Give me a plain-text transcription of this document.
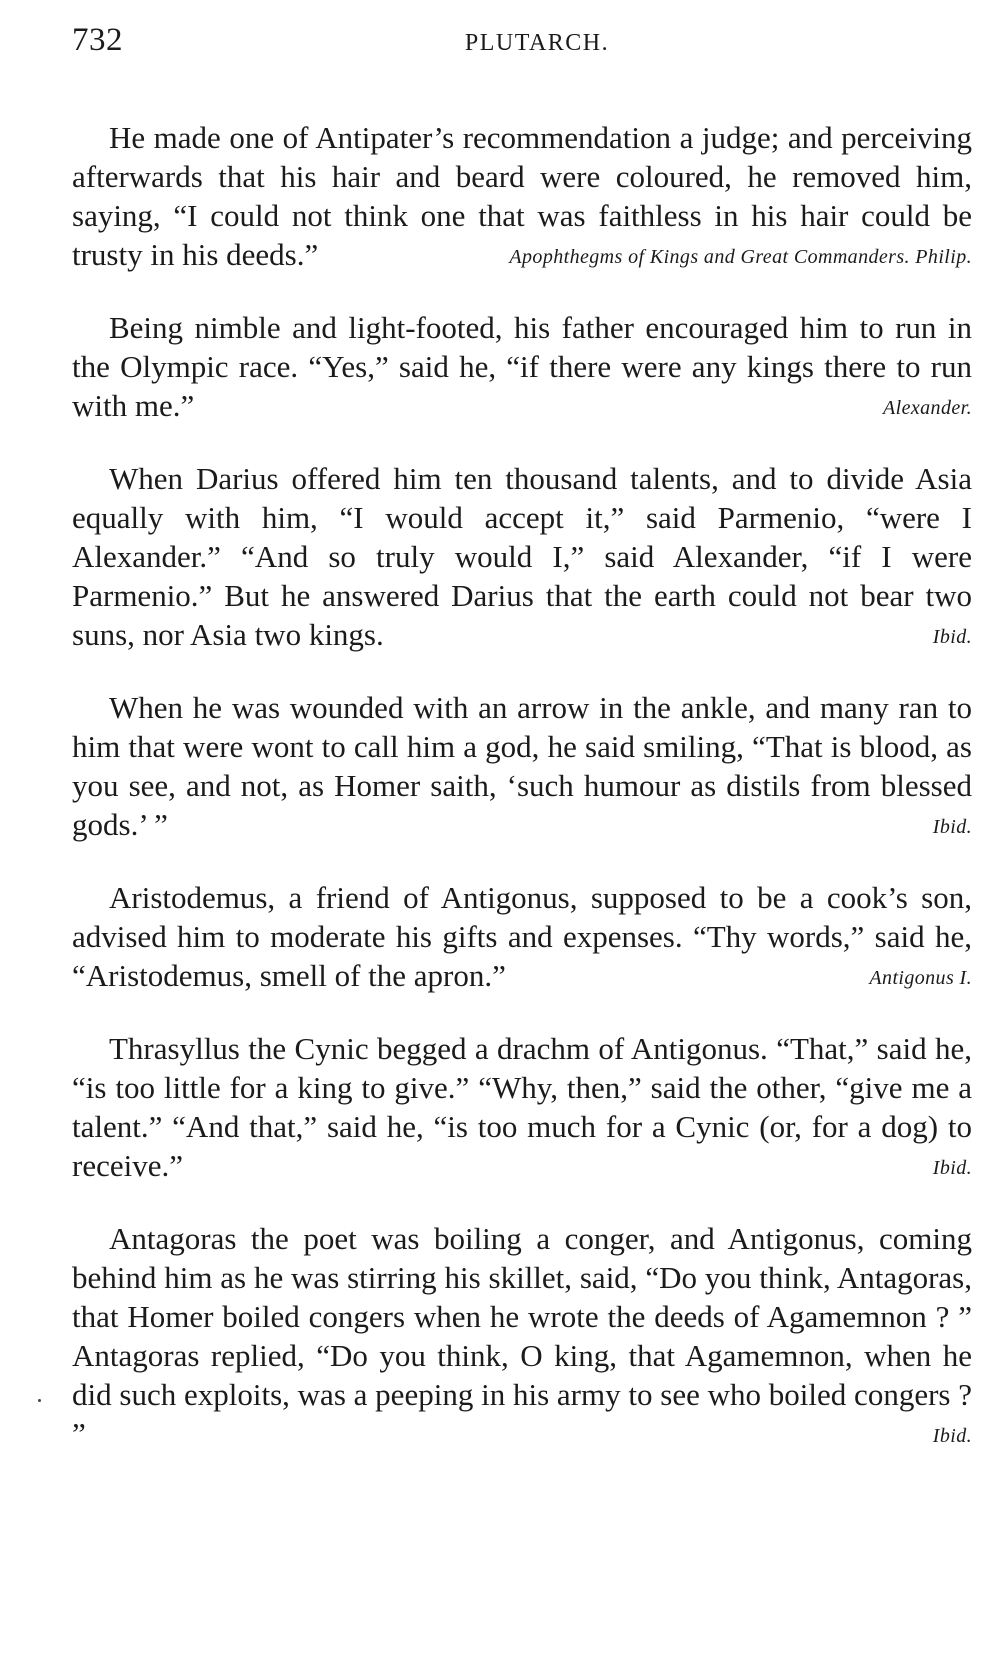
732	PLUTARCH.

He made one of Antipater’s recommendation a judge; and perceiving afterwards that his hair and beard were coloured, he removed him, saying, “I could not think one that was faithless in his hair could be trusty in his deeds.”	Apophthegms of Kings and Great Commanders. Philip.

Being nimble and light-footed, his father encouraged him to run in the Olympic race. “Yes,” said he, “if there were any kings there to run with me.”	Alexander.

When Darius offered him ten thousand talents, and to divide Asia equally with him, “I would accept it,” said Parmenio, “were I Alexander.” “And so truly would I,” said Alexander, “if I were Parmenio.” But he answered Darius that the earth could not bear two suns, nor Asia two kings.	Ibid.

When he was wounded with an arrow in the ankle, and many ran to him that were wont to call him a god, he said smiling, “That is blood, as you see, and not, as Homer saith, ‘such humour as distils from blessed gods.’ ”	Ibid.

Aristodemus, a friend of Antigonus, supposed to be a cook’s son, advised him to moderate his gifts and expenses. “Thy words,” said he, “Aristodemus, smell of the apron.”	Antigonus I.

Thrasyllus the Cynic begged a drachm of Antigonus. “That,” said he, “is too little for a king to give.” “Why, then,” said the other, “give me a talent.” “And that,” said he, “is too much for a Cynic (or, for a dog) to receive.”	Ibid.

Antagoras the poet was boiling a conger, and Antigonus, coming behind him as he was stirring his skillet, said, “Do you think, Antagoras, that Homer boiled congers when he wrote the deeds of Agamemnon ? ” Antagoras replied, “Do you think, O king, that Agamemnon, when he did such exploits, was a peeping in his army to see who boiled congers ? ”	Ibid.
